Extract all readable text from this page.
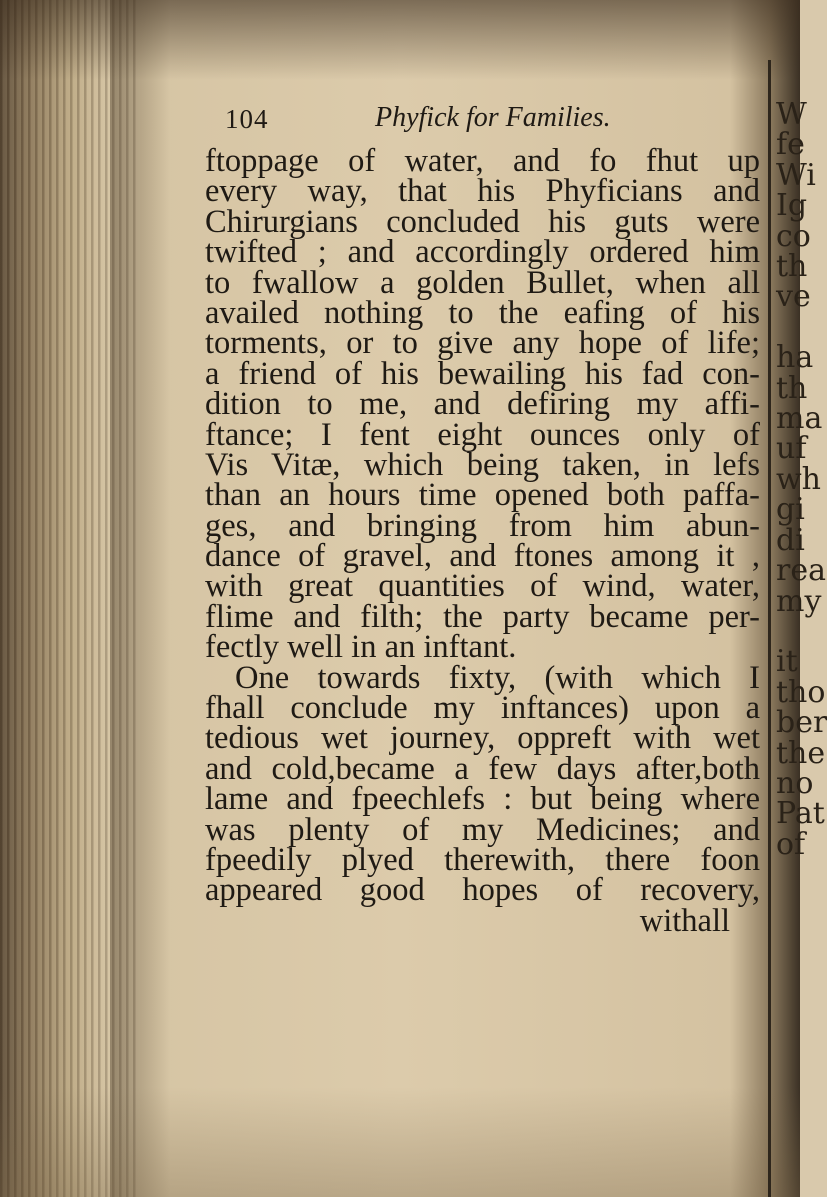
W
fe
Wi
Ig
co
th
ve

ha
th
ma
uf
wh
gi
di
rea
my

it
tho
ber
the
no
Pat
of
104	Phyfick for Families.
ftoppage of water, and fo fhut up
every way, that his Phyficians and
Chirurgians concluded his guts were
twifted ; and accordingly ordered him
to fwallow a golden Bullet, when all
availed nothing to the eafing of his
torments, or to give any hope of life;
a friend of his bewailing his fad con-
dition to me, and defiring my affi-
ftance; I fent eight ounces only of
Vis Vitæ, which being taken, in lefs
than an hours time opened both paffa-
ges, and bringing from him abun-
dance of gravel, and ftones among it ,
with great quantities of wind, water,
flime and filth; the party became per-
fectly well in an inftant.
One towards fixty, (with which I
fhall conclude my inftances) upon a
tedious wet journey, oppreft with wet
and cold,became a few days after,both
lame and fpeechlefs : but being where
was plenty of my Medicines; and
fpeedily plyed therewith, there foon
appeared good hopes of recovery,
withall
